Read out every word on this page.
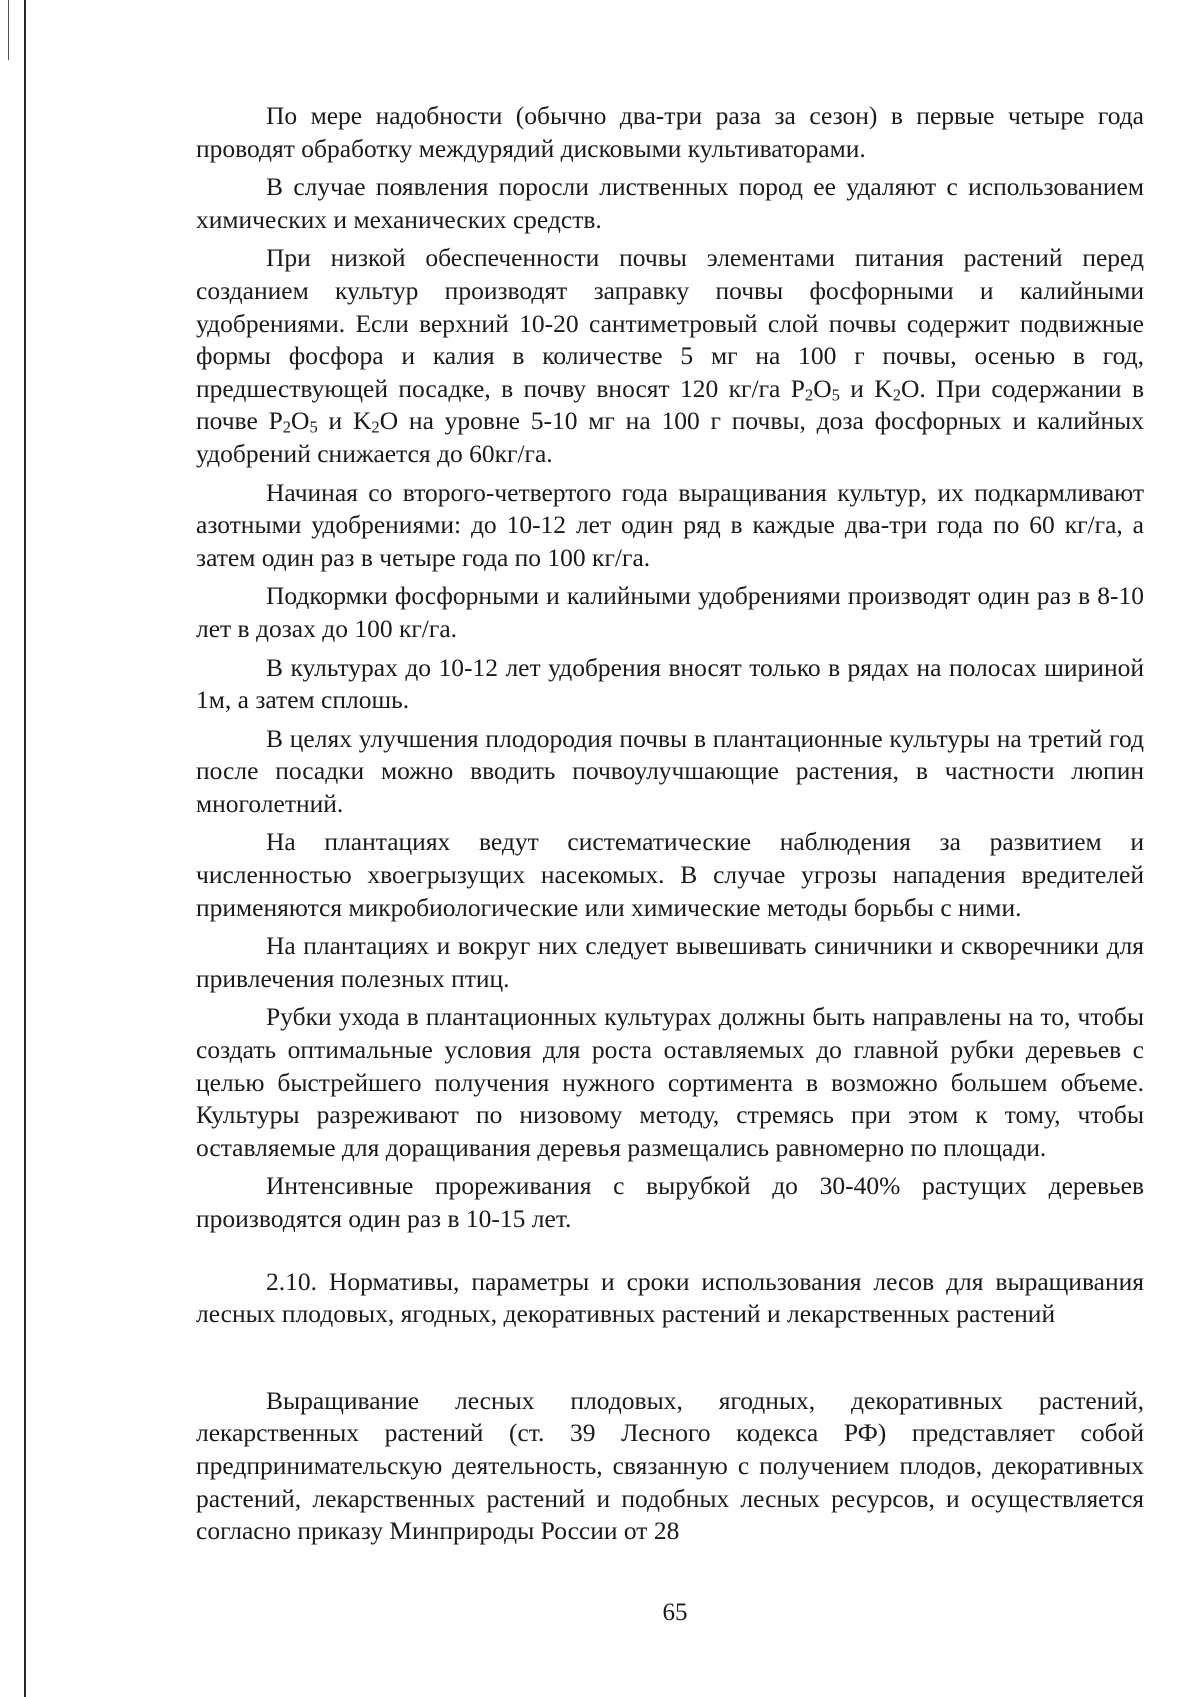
По мере надобности (обычно два-три раза за сезон) в первые четыре года проводят обработку междурядий дисковыми культиваторами.

В случае появления поросли лиственных пород ее удаляют с использованием химических и механических средств.

При низкой обеспеченности почвы элементами питания растений перед созданием культур производят заправку почвы фосфорными и калийными удобрениями. Если верхний 10-20 сантиметровый слой почвы содержит подвижные формы фосфора и калия в количестве 5 мг на 100 г почвы, осенью в год, предшествующей посадке, в почву вносят 120 кг/га $P_2O_5$ и $K_2O$. При содержании в почве $P_2O_5$ и $K_2O$ на уровне 5-10 мг на 100 г почвы, доза фосфорных и калийных удобрений снижается до 60кг/га.

Начиная со второго-четвертого года выращивания культур, их подкармливают азотными удобрениями: до 10-12 лет один ряд в каждые два-три года по 60 кг/га, а затем один раз в четыре года по 100 кг/га.

Подкормки фосфорными и калийными удобрениями производят один раз в 8-10 лет в дозах до 100 кг/га.

В культурах до 10-12 лет удобрения вносят только в рядах на полосах шириной 1м, а затем сплошь.

В целях улучшения плодородия почвы в плантационные культуры на третий год после посадки можно вводить почвоулучшающие растения, в частности люпин многолетний.

На плантациях ведут систематические наблюдения за развитием и численностью хвоегрызущих насекомых. В случае угрозы нападения вредителей применяются микробиологические или химические методы борьбы с ними.

На плантациях и вокруг них следует вывешивать синичники и скворечники для привлечения полезных птиц.

Рубки ухода в плантационных культурах должны быть направлены на то, чтобы создать оптимальные условия для роста оставляемых до главной рубки деревьев с целью быстрейшего получения нужного сортимента в возможно большем объеме. Культуры разреживают по низовому методу, стремясь при этом к тому, чтобы оставляемые для доращивания деревья размещались равномерно по площади.

Интенсивные прореживания с вырубкой до 30-40% растущих деревьев производятся один раз в 10-15 лет.

2.10. Нормативы, параметры и сроки использования лесов для выращивания лесных плодовых, ягодных, декоративных растений и лекарственных растений

Выращивание лесных плодовых, ягодных, декоративных растений, лекарственных растений (ст. 39 Лесного кодекса РФ) представляет собой предпринимательскую деятельность, связанную с получением плодов, декоративных растений, лекарственных растений и подобных лесных ресурсов, и осуществляется согласно приказу Минприроды России от 28

65
